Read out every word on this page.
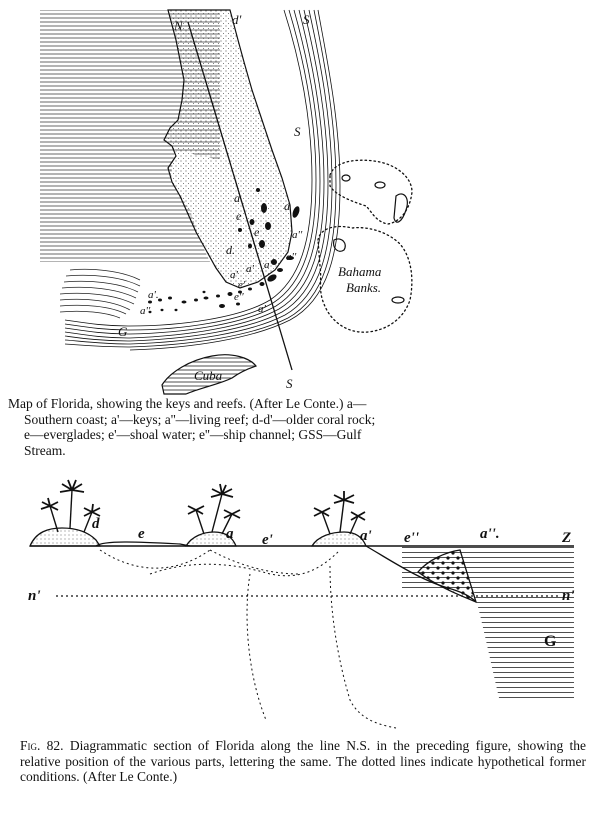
N	d'	S
S
S
G
Cuba
Bahama
Banks.
a
a
e
e
d.
a''
a''
a' a' a'
e'
e''
a'
a'.
a''
Map of Florida, showing the keys and reefs. (After Le Conte.) a—
Southern coast; a'—keys; a''—living reef; d-d'—older coral rock;
e—everglades; e'—shoal water; e''—ship channel; GSS—Gulf
Stream.
d
e	a e'	a' e''	a''.	Z
n'	n'
G
Fig. 82. Diagrammatic section of Florida along the line N.S. in the preceding figure, showing the relative position of the various parts, lettering the same. The dotted lines indicate hypothetical former conditions. (After Le Conte.)
